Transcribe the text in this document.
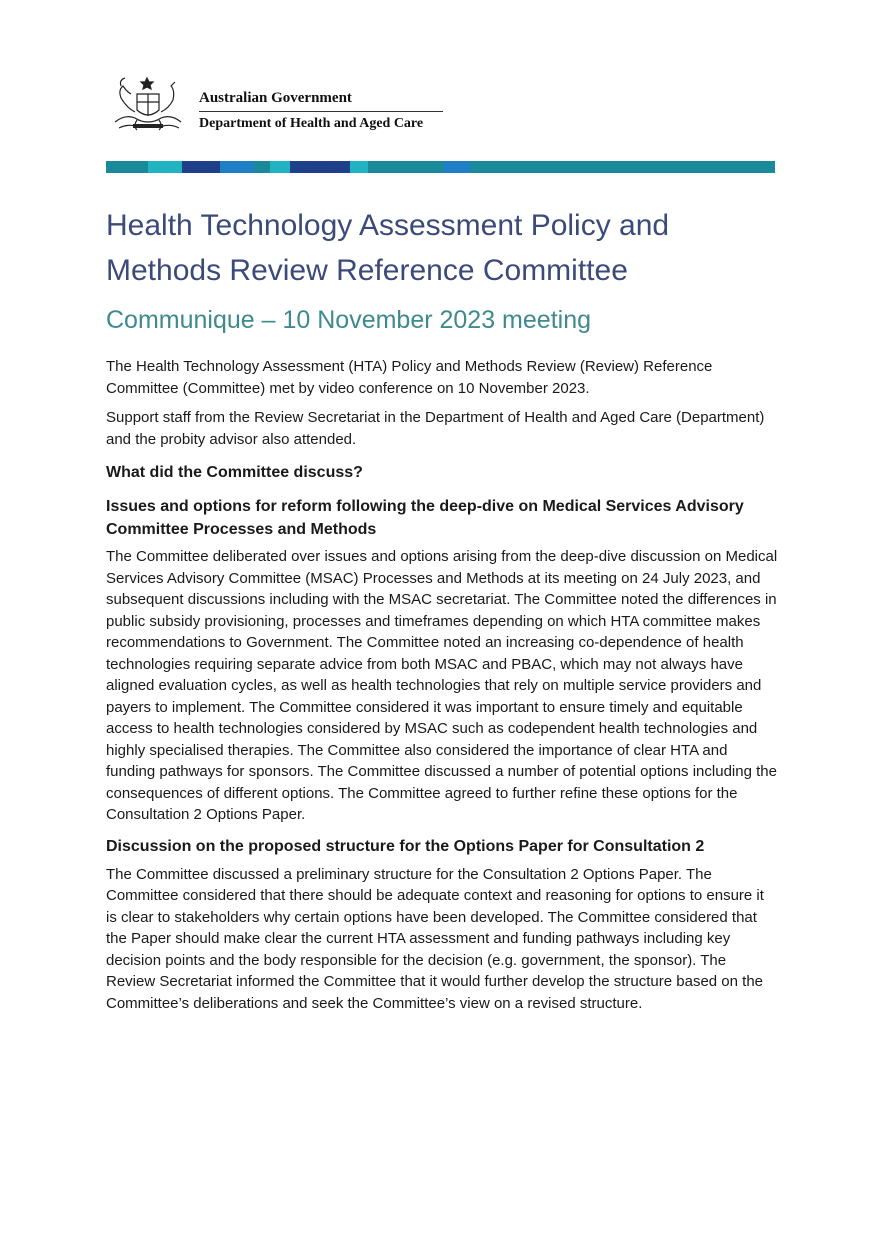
Australian Government
Department of Health and Aged Care
Health Technology Assessment Policy and Methods Review Reference Committee
Communique – 10 November 2023 meeting

The Health Technology Assessment (HTA) Policy and Methods Review (Review) Reference Committee (Committee) met by video conference on 10 November 2023.

Support staff from the Review Secretariat in the Department of Health and Aged Care (Department) and the probity advisor also attended.

What did the Committee discuss?
Issues and options for reform following the deep-dive on Medical Services Advisory Committee Processes and Methods

The Committee deliberated over issues and options arising from the deep-dive discussion on Medical Services Advisory Committee (MSAC) Processes and Methods at its meeting on 24 July 2023, and subsequent discussions including with the MSAC secretariat. The Committee noted the differences in public subsidy provisioning, processes and timeframes depending on which HTA committee makes recommendations to Government. The Committee noted an increasing co-dependence of health technologies requiring separate advice from both MSAC and PBAC, which may not always have aligned evaluation cycles, as well as health technologies that rely on multiple service providers and payers to implement. The Committee considered it was important to ensure timely and equitable access to health technologies considered by MSAC such as codependent health technologies and highly specialised therapies. The Committee also considered the importance of clear HTA and funding pathways for sponsors. The Committee discussed a number of potential options including the consequences of different options. The Committee agreed to further refine these options for the Consultation 2 Options Paper.

Discussion on the proposed structure for the Options Paper for Consultation 2

The Committee discussed a preliminary structure for the Consultation 2 Options Paper. The Committee considered that there should be adequate context and reasoning for options to ensure it is clear to stakeholders why certain options have been developed. The Committee considered that the Paper should make clear the current HTA assessment and funding pathways including key decision points and the body responsible for the decision (e.g. government, the sponsor). The Review Secretariat informed the Committee that it would further develop the structure based on the Committee’s deliberations and seek the Committee’s view on a revised structure.
